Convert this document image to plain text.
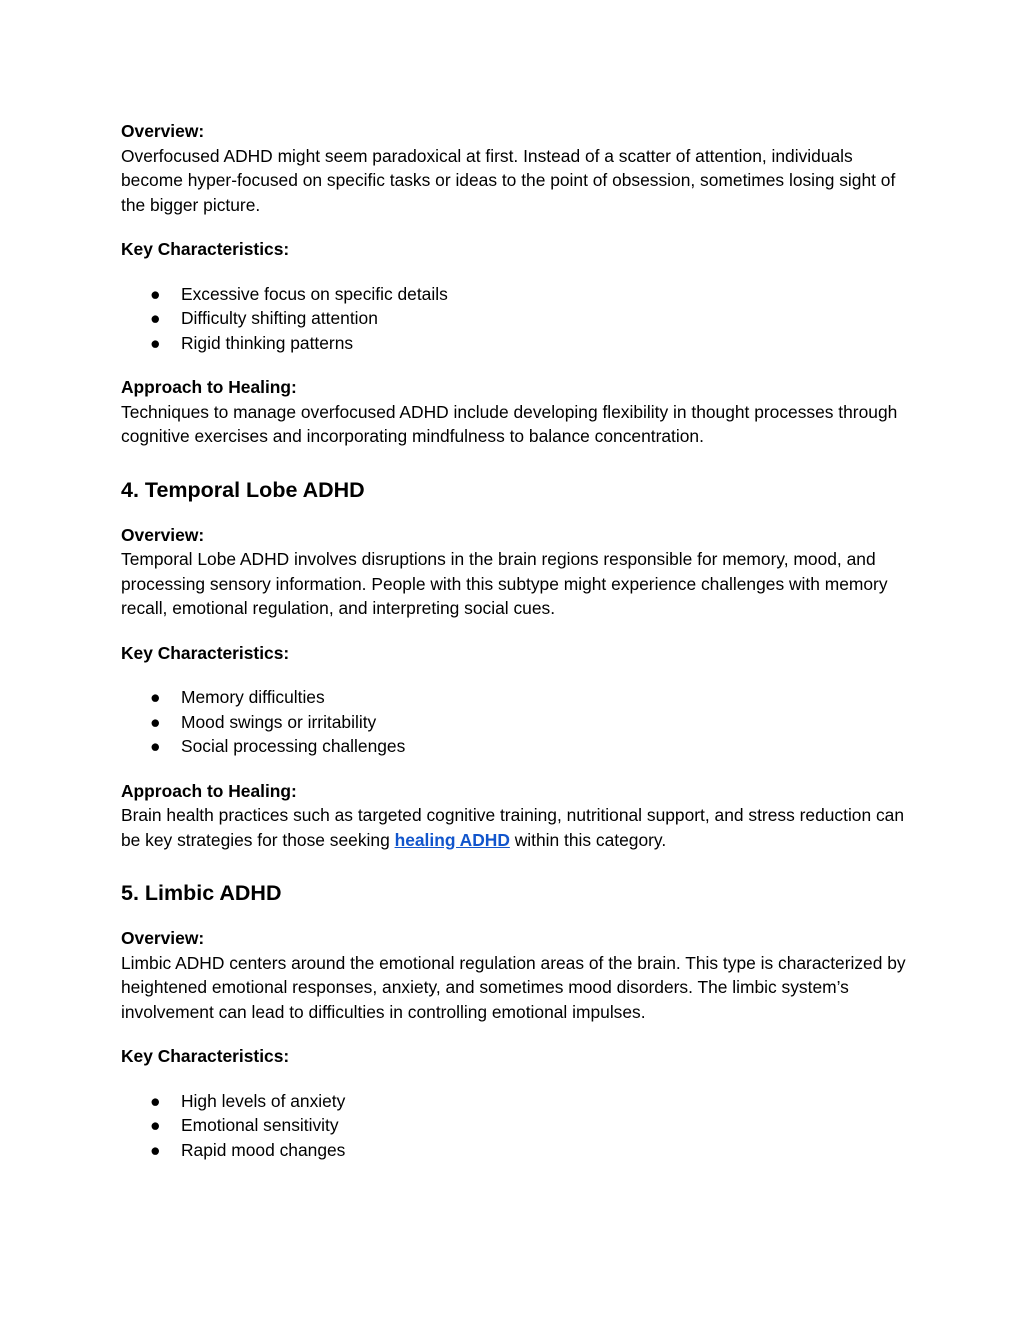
Overview:

Overfocused ADHD might seem paradoxical at first. Instead of a scatter of attention, individuals become hyper-focused on specific tasks or ideas to the point of obsession, sometimes losing sight of the bigger picture.

Key Characteristics:

● Excessive focus on specific details
● Difficulty shifting attention
● Rigid thinking patterns

Approach to Healing:

Techniques to manage overfocused ADHD include developing flexibility in thought processes through cognitive exercises and incorporating mindfulness to balance concentration.

4. Temporal Lobe ADHD

Overview:

Temporal Lobe ADHD involves disruptions in the brain regions responsible for memory, mood, and processing sensory information. People with this subtype might experience challenges with memory recall, emotional regulation, and interpreting social cues.

Key Characteristics:

● Memory difficulties
● Mood swings or irritability
● Social processing challenges

Approach to Healing:

Brain health practices such as targeted cognitive training, nutritional support, and stress reduction can be key strategies for those seeking healing ADHD within this category.

5. Limbic ADHD

Overview:

Limbic ADHD centers around the emotional regulation areas of the brain. This type is characterized by heightened emotional responses, anxiety, and sometimes mood disorders. The limbic system’s involvement can lead to difficulties in controlling emotional impulses.

Key Characteristics:

● High levels of anxiety
● Emotional sensitivity
● Rapid mood changes
